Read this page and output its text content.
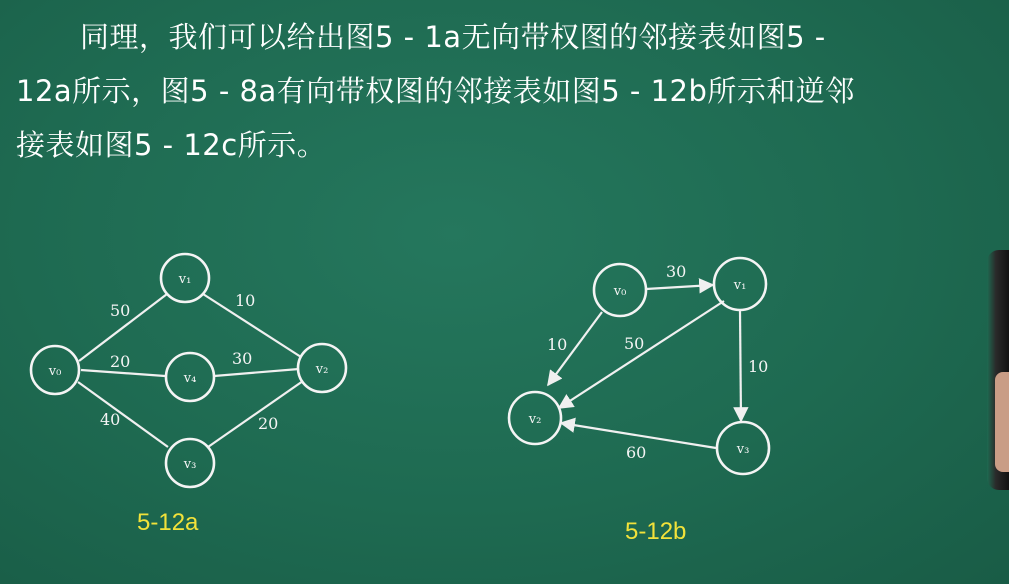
同理，我们可以给出图5 - 1a无向带权图的邻接表如图5 -
12a所示，图5 - 8a有向带权图的邻接表如图5 - 12b所示和逆邻
接表如图5 - 12c所示。
v₀
v₁
v₄
v₃
v₂
50
20
40
10
30
20
v₀	v₁
v₂
v₃
30
10	50
10
60
5-12a	5-12b
